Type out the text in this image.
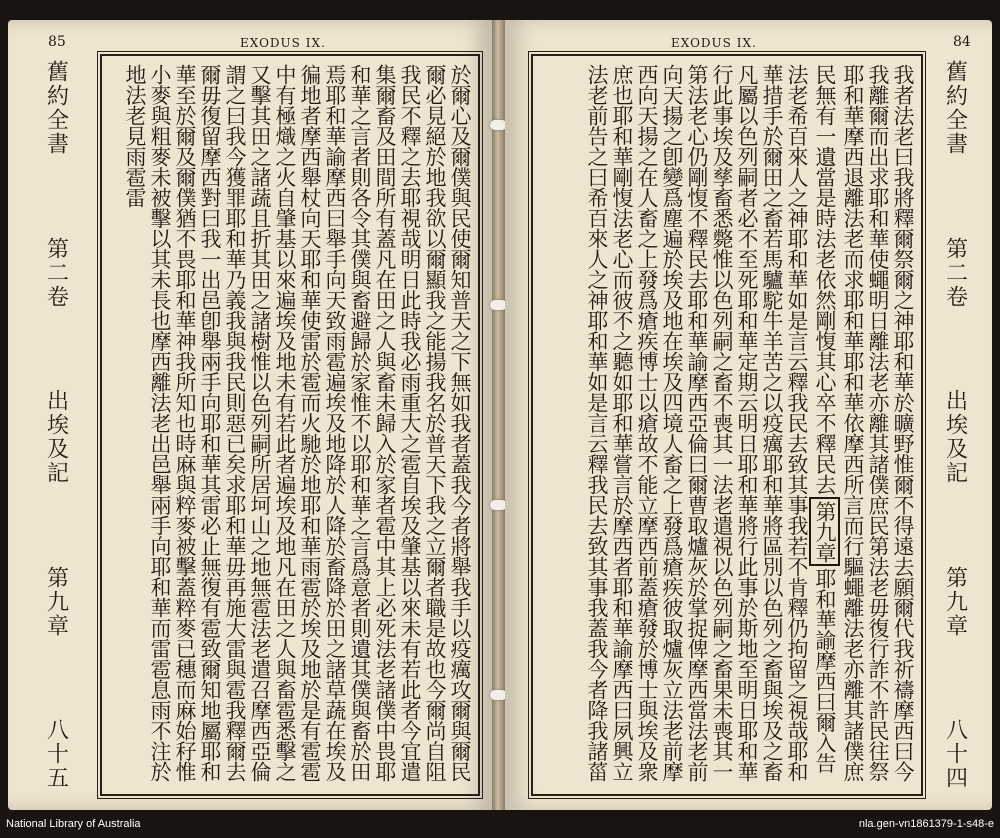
85	EXODUS IX.
舊約全書
第二卷
出埃及記
第九章
八十五	於爾心及爾僕與民使爾知普天之下無如我者蓋我今者將舉我手以疫癘攻爾與爾民爾必見絕於地我欲以爾顯我之能揚我名於普天下我之立爾者職是故也今爾尚自阻我民不釋之去耶視哉明日此時我必雨重大之雹自埃及肇基以來未有若此者今宜遣集爾畜及田間所有蓋凡在田之人與畜未歸入於家者雹中其上必死法老諸僕中畏耶和華之言者則各令其僕與畜避歸於家惟不以耶和華之言爲意者則遺其僕與畜於田焉耶和華諭摩西曰舉手向天致雨雹遍埃及地降於人降於畜降於田之諸草蔬在埃及徧地者摩西舉杖向天耶和華使雷於雹而火馳於地耶和華雨雹於埃及地於是有雹雹中有極熾之火自肇基以來遍埃及地未有若此者遍埃及地凡在田之人與畜雹悉擊之又擊其田之諸蔬且折其田之諸樹惟以色列嗣所居坷山之地無雹法老遣召摩西亞倫謂之曰我今獲罪耶和華乃義我與我民則惡已矣求耶和華毋再施大雷與雹我釋爾去爾毋復留摩西對曰我一出邑卽舉兩手向耶和華其雷必止無復有雹致爾知地屬耶和華至於爾及爾僕猶不畏耶和華神我所知也時麻與粹麥被擊蓋粹麥已穗而麻始秄惟小麥與粗麥未被擊以其未長也摩西離法老出邑舉兩手向耶和華而雷雹息雨不注於地法老見雨雹雷
EXODUS IX.	84
我者法老曰我將釋爾祭爾之神耶和華於曠野惟爾不得遠去願爾代我祈禱摩西曰今我離爾而出求耶和華使蠅明日離法老亦離其諸僕庶民第法老毋復行詐不許民往祭耶和華摩西退離法老而求耶和華耶和華依摩西所言而行驅蠅離法老亦離其諸僕庶民無有一遺當是時法老依然剛愎其心卒不釋民去第九章耶和華諭摩西曰爾入告法老希百來人之神耶和華如是言云釋我民去致其事我若不肯釋仍拘留之視哉耶和華措手於爾田之畜若馬驢駝牛羊苦之以疫癘耶和華將區別以色列之畜與埃及之畜凡屬以色列嗣者必不至死耶和華定期云明日耶和華將行此事於斯地至明日耶和華行此事埃及孳畜悉斃惟以色列嗣之畜不喪其一法老遣視以色列嗣之畜果未喪其一第法老心仍剛愎不釋民去耶和華諭摩西亞倫曰爾曹取爐灰於掌捉俾摩西當法老前向天揚之卽變爲塵遍於埃及地在埃及四境人畜之上發爲瘡疾彼取爐灰立法老前摩西向天揚之在人畜之上發爲瘡疾博士以瘡故不能立摩西前蓋瘡發於博士與埃及衆庶也耶和華剛愎法老心而彼不之聽如耶和華嘗言於摩西者耶和華諭摩西曰夙興立法老前告之曰希百來人之神耶和華如是言云釋我民去致其事我蓋我今者降我諸菑	舊約全書
第二卷
出埃及記
第九章
八十四
National Library of Australia	nla.gen-vn1861379-1-s48-e
